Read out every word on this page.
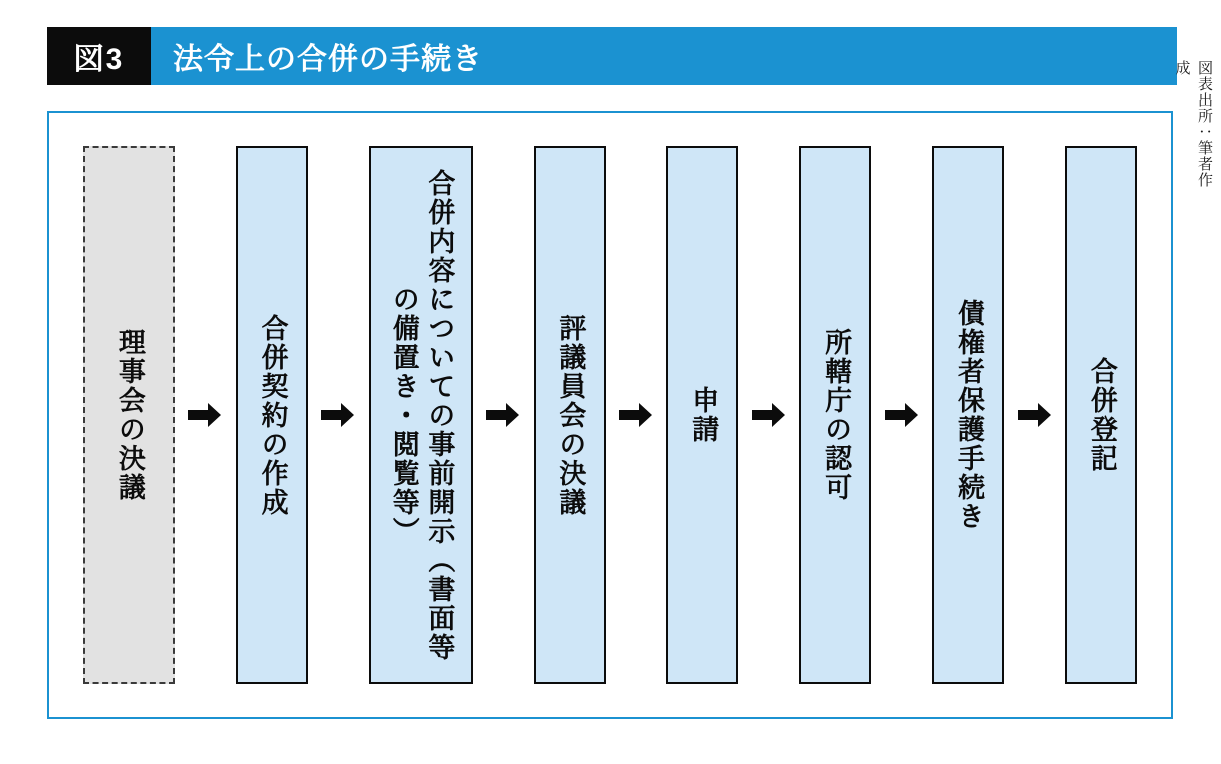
図3	法令上の合併の手続き
理事会の決議	合併契約の作成	合併内容についての事前開示（書面等の備置き・閲覧等）	評議員会の決議	申請	所轄庁の認可	債権者保護手続き	合併登記
図表出所：筆者作成
